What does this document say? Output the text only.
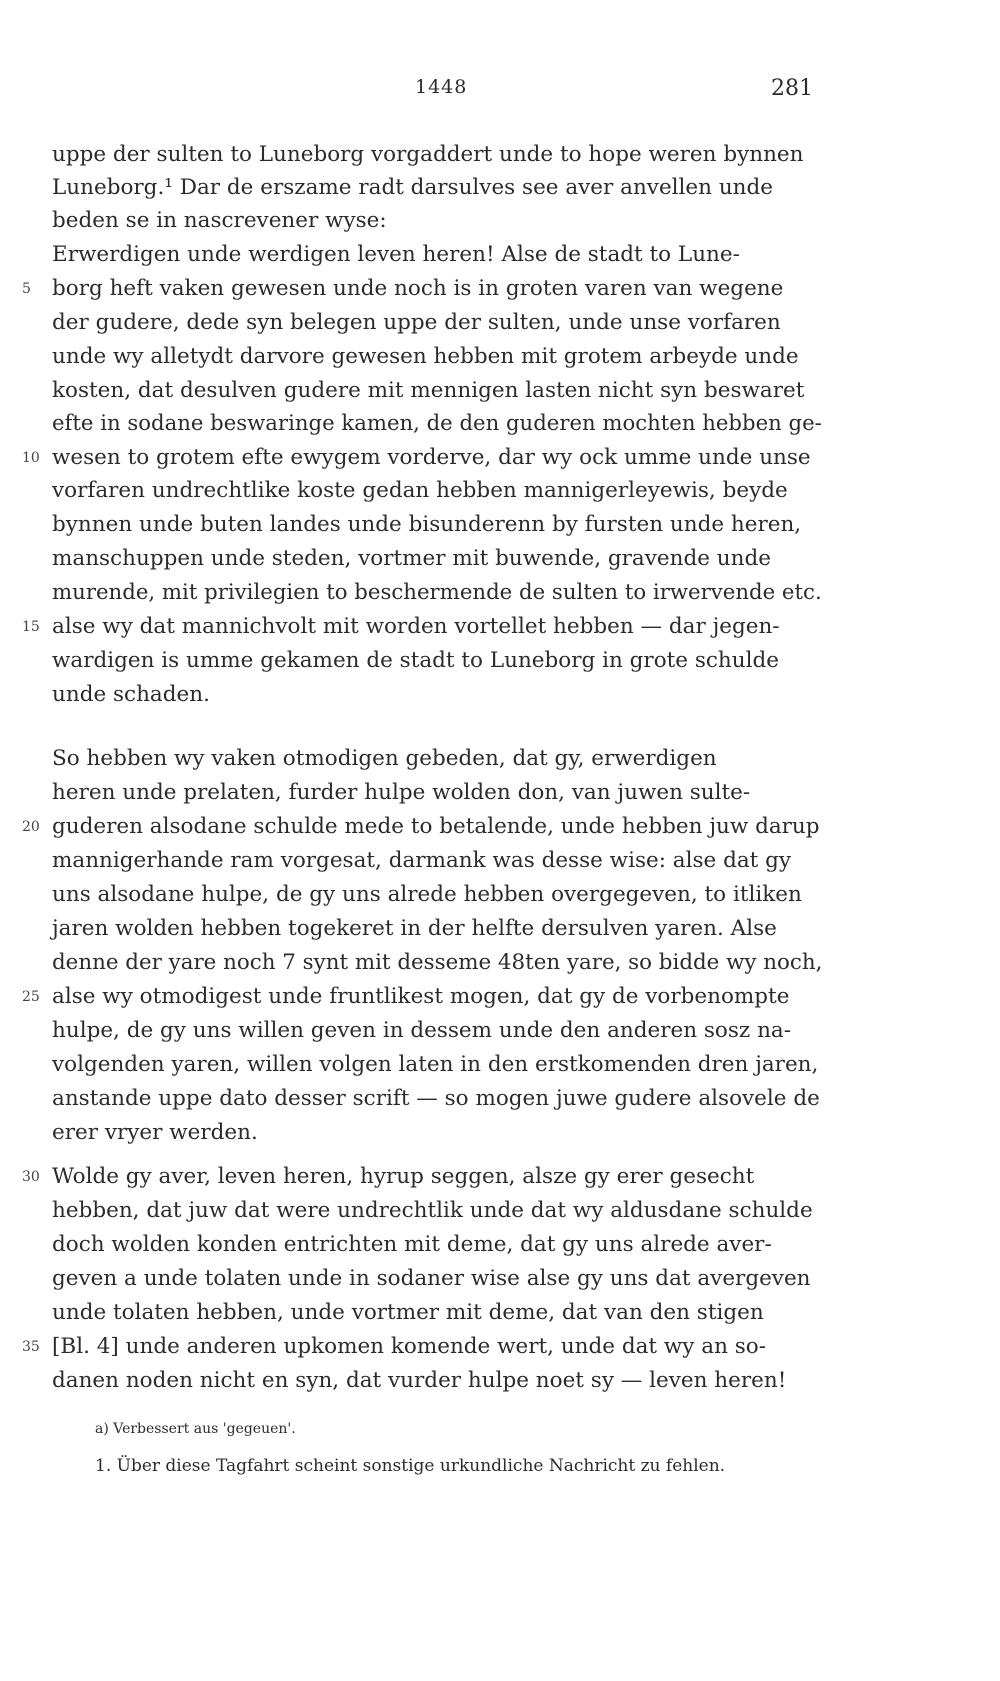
1448	281
uppe der sulten to Luneborg vorgaddert unde to hope weren bynnen
Luneborg.¹ Dar de erszame radt darsulves see aver anvellen unde
beden se in nascrevener wyse:
Erwerdigen unde werdigen leven heren! Alse de stadt to Lune-
borg heft vaken gewesen unde noch is in groten varen van wegene
der gudere, dede syn belegen uppe der sulten, unde unse vorfaren
unde wy alletydt darvore gewesen hebben mit grotem arbeyde unde
kosten, dat desulven gudere mit mennigen lasten nicht syn beswaret
efte in sodane beswaringe kamen, de den guderen mochten hebben ge-
wesen to grotem efte ewygem vorderve, dar wy ock umme unde unse
vorfaren undrechtlike koste gedan hebben mannigerleyewis, beyde
bynnen unde buten landes unde bisunderenn by fursten unde heren,
manschuppen unde steden, vortmer mit buwende, gravende unde
murende, mit privilegien to beschermende de sulten to irwervende etc.
alse wy dat mannichvolt mit worden vortellet hebben — dar jegen-
wardigen is umme gekamen de stadt to Luneborg in grote schulde
unde schaden.
So hebben wy vaken otmodigen gebeden, dat gy, erwerdigen
heren unde prelaten, furder hulpe wolden don, van juwen sulte-
guderen alsodane schulde mede to betalende, unde hebben juw darup
mannigerhande ram vorgesat, darmank was desse wise: alse dat gy
uns alsodane hulpe, de gy uns alrede hebben overgegeven, to itliken
jaren wolden hebben togekeret in der helfte dersulven yaren. Alse
denne der yare noch 7 synt mit dessеme 48ten yare, so bidde wy noch,
alse wy otmodigest unde fruntlikest mogen, dat gy de vorbenompte
hulpe, de gy uns willen geven in dessem unde den anderen sosz na-
volgenden yaren, willen volgen laten in den erstkomenden dren jaren,
anstande uppe dato desser scrift — so mogen juwe gudere alsovele de
erer vryer werden.
Wolde gy aver, leven heren, hyrup seggen, alsze gy erer gesecht
hebben, dat juw dat were undrechtlik unde dat wy aldusdane schulde
doch wolden konden entrichten mit deme, dat gy uns alrede aver-
geven a unde tolaten unde in sodaner wise alse gy uns dat avergeven
unde tolaten hebben, unde vortmer mit deme, dat van den stigen
[Bl. 4] unde anderen upkomen komende wert, unde dat wy an so-
danen noden nicht en syn, dat vurder hulpe noet sy — leven heren!
5
10
15
20
25
30
35
a) Verbessert aus 'gegeuen'.
1. Über diese Tagfahrt scheint sonstige urkundliche Nachricht zu fehlen.
